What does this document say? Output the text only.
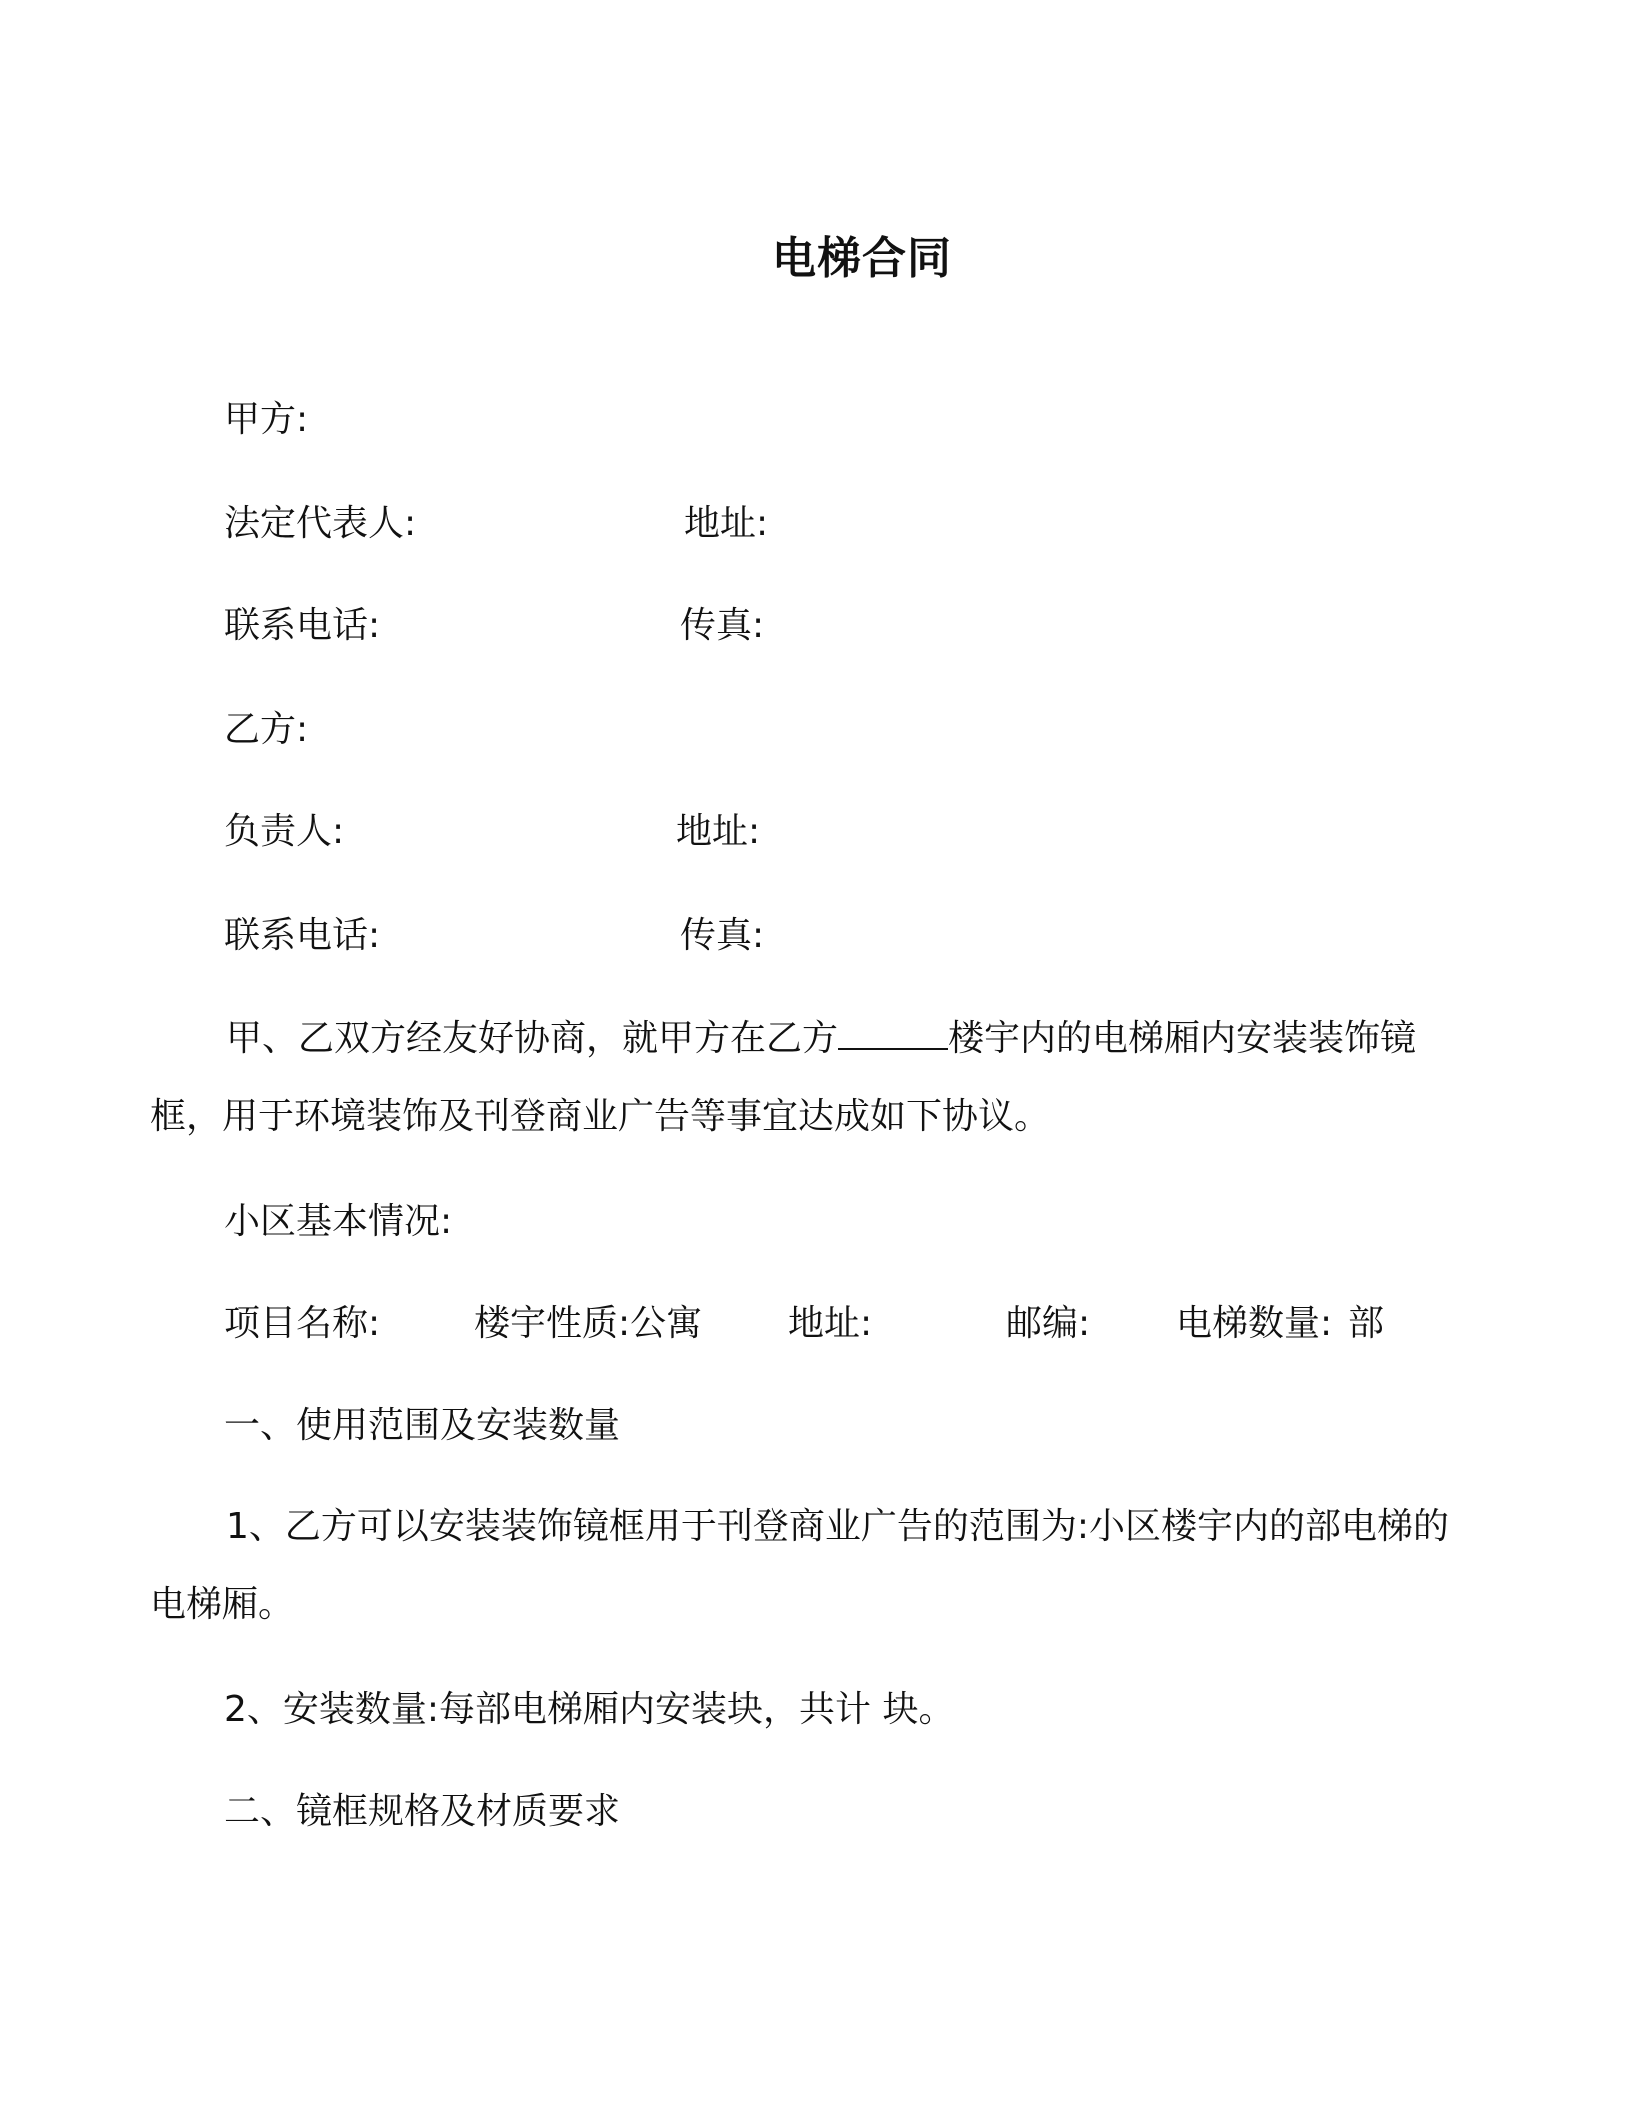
电梯合同
甲方:
法定代表人:	地址:
联系电话:	传真:
乙方:
负责人:	地址:
联系电话:	传真:
甲、乙双方经友好协商，就甲方在乙方	楼宇内的电梯厢内安装装饰镜框，用于环境装饰及刊登商业广告等事宜达成如下协议。
小区基本情况:
项目名称:	楼宇性质:公寓 地址:	邮编: 电梯数量: 部
一、使用范围及安装数量
1、乙方可以安装装饰镜框用于刊登商业广告的范围为:小区楼宇内的部电梯的电梯厢。
2、安装数量:每部电梯厢内安装块，共计 块。
二、镜框规格及材质要求
